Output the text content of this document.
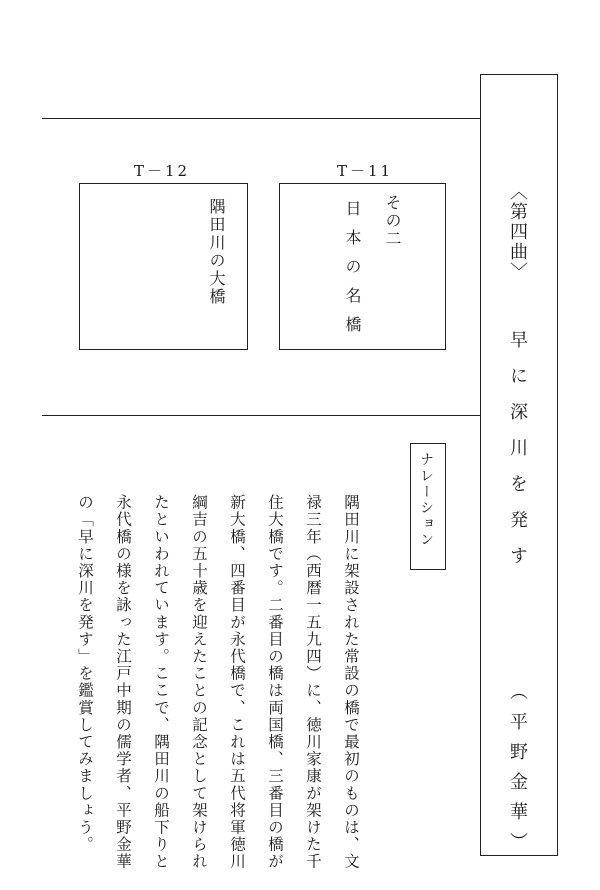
〈第四曲〉
早に深川を発す
（平野金華）
T－12
隅田川の大橋
T－11
その二
日本の名橋
ナレーション
隅田川に架設された常設の橋で最初のものは、文
禄三年（西暦一五九四）に、徳川家康が架けた千
住大橋です。二番目の橋は両国橋、三番目の橋が
新大橋、四番目が永代橋で、これは五代将軍徳川
綱吉の五十歳を迎えたことの記念として架けられ
たといわれています。ここで、隅田川の船下りと
永代橋の様を詠った江戸中期の儒学者、平野金華
の「早に深川を発す」を鑑賞してみましょう。
